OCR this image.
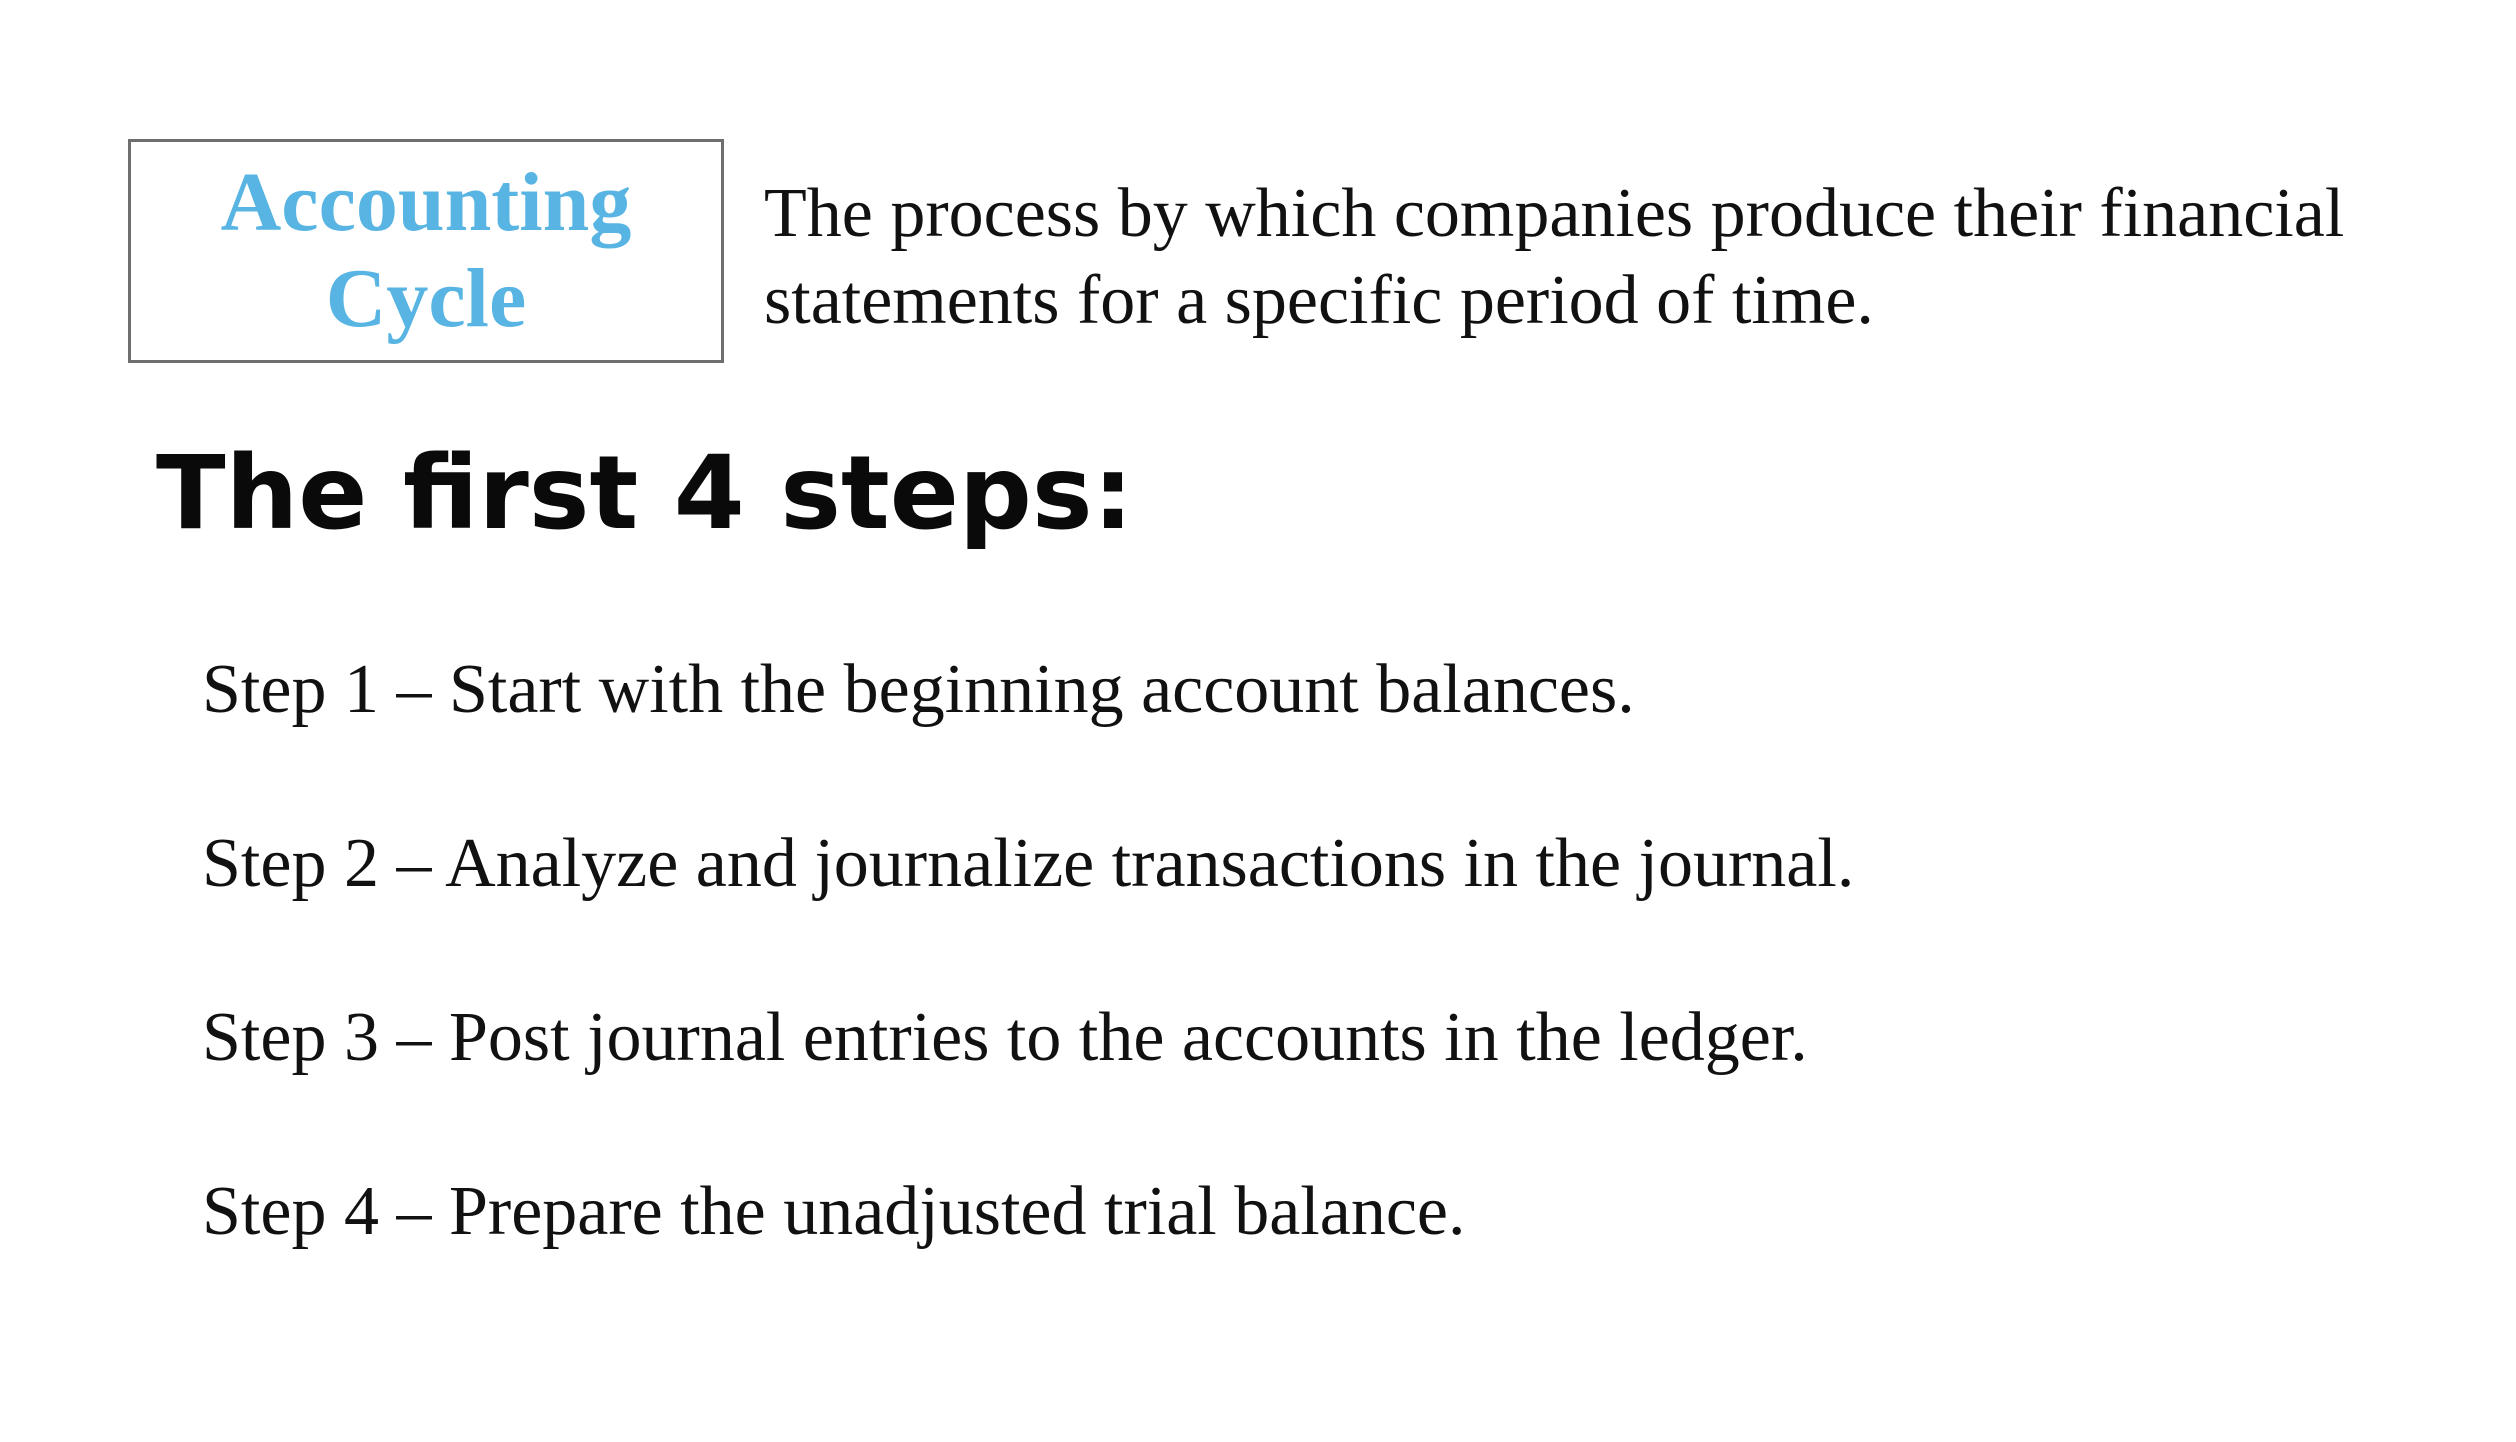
Accounting
Cycle
The process by which companies produce their financial
statements for a specific period of time.
The first 4 steps:
Step 1 – Start with the beginning account balances.
Step 2 – Analyze and journalize transactions in the journal.
Step 3 – Post journal entries to the accounts in the ledger.
Step 4 – Prepare the unadjusted trial balance.
